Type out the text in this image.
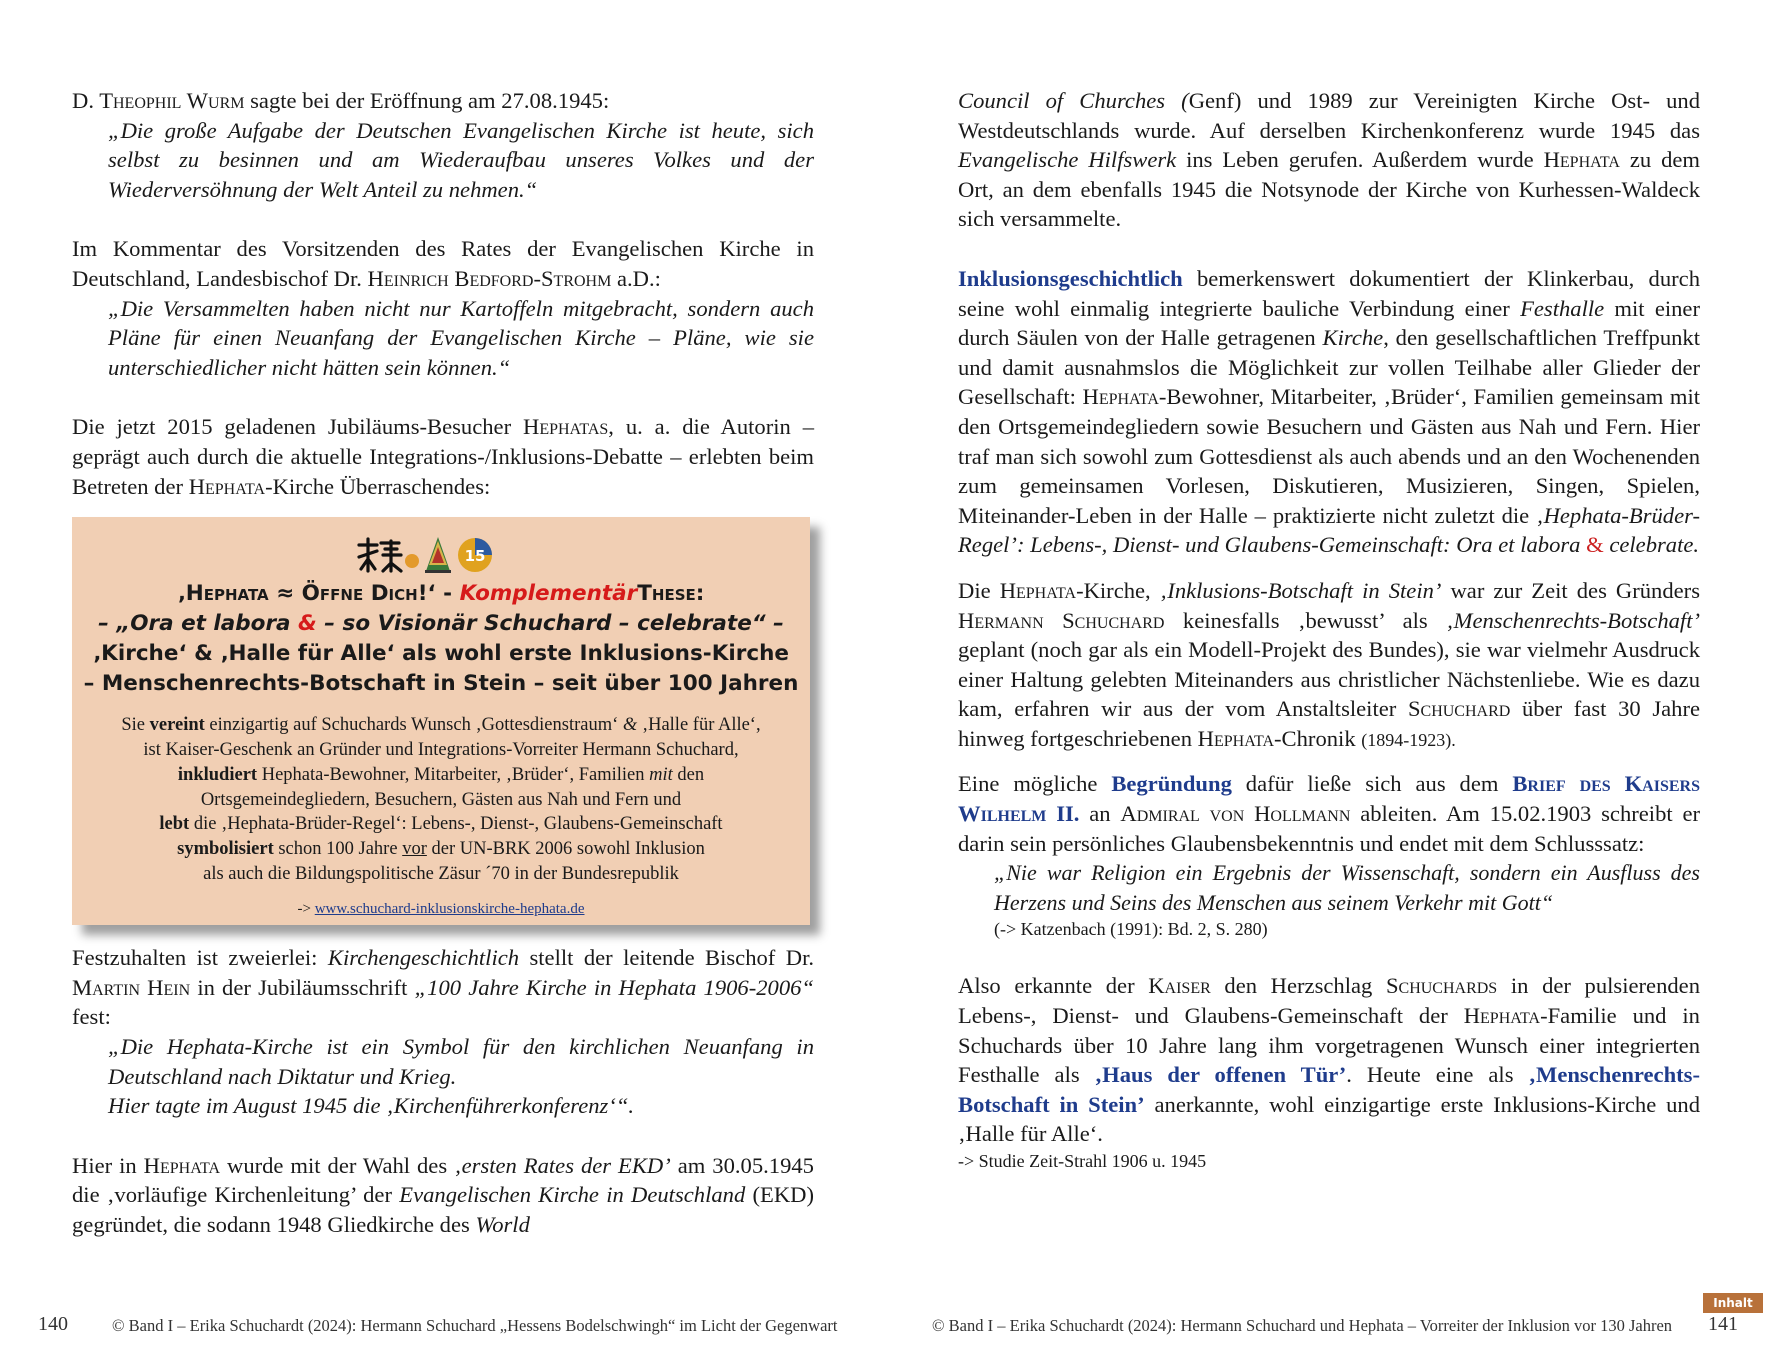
D. Theophil Wurm sagte bei der Eröffnung am 27.08.1945:

„Die große Aufgabe der Deutschen Evangelischen Kirche ist heute, sich selbst zu besinnen und am Wiederaufbau unseres Volkes und der Wiederversöhnung der Welt Anteil zu nehmen.“

Im Kommentar des Vorsitzenden des Rates der Evangelischen Kirche in Deutschland, Landesbischof Dr. Heinrich Bedford-Strohm a.D.:

„Die Versammelten haben nicht nur Kartoffeln mitgebracht, sondern auch Pläne für einen Neuanfang der Evangelischen Kirche – Pläne, wie sie unterschiedlicher nicht hätten sein können.“

Die jetzt 2015 geladenen Jubiläums-Besucher Hephatas, u. a. die Autorin – geprägt auch durch die aktuelle Integrations-/Inklusions-Debatte – erlebten beim Betreten der Hephata-Kirche Überraschendes:

15
‚Hephata ≈ Öffne Dich!‘ - KomplementärThese:
– „Ora et labora & – so Visionär Schuchard – celebrate“ –
‚Kirche‘ & ‚Halle für Alle‘ als wohl erste Inklusions-Kirche
– Menschenrechts-Botschaft in Stein – seit über 100 Jahren
Sie vereint einzigartig auf Schuchards Wunsch ‚Gottesdienstraum‘ & ‚Halle für Alle‘,
ist Kaiser-Geschenk an Gründer und Integrations-Vorreiter Hermann Schuchard,
inkludiert Hephata-Bewohner, Mitarbeiter, ‚Brüder‘, Familien mit den
Ortsgemeindegliedern, Besuchern, Gästen aus Nah und Fern und
lebt die ‚Hephata-Brüder-Regel‘: Lebens-, Dienst-, Glaubens-Gemeinschaft
symbolisiert schon 100 Jahre vor der UN-BRK 2006 sowohl Inklusion
als auch die Bildungspolitische Zäsur ´70 in der Bundesrepublik
-> www.schuchard-inklusionskirche-hephata.de

Festzuhalten ist zweierlei: Kirchengeschichtlich stellt der leitende Bischof Dr. Martin Hein in der Jubiläumsschrift „100 Jahre Kirche in Hephata 1906-2006“ fest:

„Die Hephata-Kirche ist ein Symbol für den kirchlichen Neuanfang in Deutschland nach Diktatur und Krieg.

Hier tagte im August 1945 die ‚Kirchenführerkonferenz‘“.

Hier in Hephata wurde mit der Wahl des ‚ersten Rates der EKD’ am 30.05.1945 die ‚vorläufige Kirchenleitung’ der Evangelischen Kirche in Deutschland (EKD) gegründet, die sodann 1948 Gliedkirche des World

Council of Churches (Genf) und 1989 zur Vereinigten Kirche Ost- und Westdeutschlands wurde. Auf derselben Kirchenkonferenz wurde 1945 das Evangelische Hilfswerk ins Leben gerufen. Außerdem wurde Hephata zu dem Ort, an dem ebenfalls 1945 die Notsynode der Kirche von Kurhessen-Waldeck sich versammelte.

Inklusionsgeschichtlich bemerkenswert dokumentiert der Klinkerbau, durch seine wohl einmalig integrierte bauliche Verbindung einer Festhalle mit einer durch Säulen von der Halle getragenen Kirche, den gesellschaftlichen Treffpunkt und damit ausnahmslos die Möglichkeit zur vollen Teilhabe aller Glieder der Gesellschaft: Hephata-Bewohner, Mitarbeiter, ‚Brüder‘, Familien gemeinsam mit den Ortsgemeindegliedern sowie Besuchern und Gästen aus Nah und Fern. Hier traf man sich sowohl zum Gottesdienst als auch abends und an den Wochenenden zum gemeinsamen Vorlesen, Diskutieren, Musizieren, Singen, Spielen, Miteinander-Leben in der Halle – praktizierte nicht zuletzt die ‚Hephata-Brüder-Regel’: Lebens-, Dienst- und Glaubens-Gemeinschaft: Ora et labora & celebrate.

Die Hephata-Kirche, ‚Inklusions-Botschaft in Stein’ war zur Zeit des Gründers Hermann Schuchard keinesfalls ‚bewusst’ als ‚Menschenrechts-Botschaft’ geplant (noch gar als ein Modell-Projekt des Bundes), sie war vielmehr Ausdruck einer Haltung gelebten Miteinanders aus christlicher Nächstenliebe. Wie es dazu kam, erfahren wir aus der vom Anstaltsleiter Schuchard über fast 30 Jahre hinweg fortgeschriebenen Hephata-Chronik (1894-1923).

Eine mögliche Begründung dafür ließe sich aus dem Brief des Kaisers Wilhelm II. an Admiral von Hollmann ableiten. Am 15.02.1903 schreibt er darin sein persönliches Glaubensbekenntnis und endet mit dem Schlusssatz:

„Nie war Religion ein Ergebnis der Wissenschaft, sondern ein Ausfluss des Herzens und Seins des Menschen aus seinem Verkehr mit Gott“

(-> Katzenbach (1991): Bd. 2, S. 280)

Also erkannte der Kaiser den Herzschlag Schuchards in der pulsierenden Lebens-, Dienst- und Glaubens-Gemeinschaft der Hephata-Familie und in Schuchards über 10 Jahre lang ihm vorgetragenen Wunsch einer integrierten Festhalle als ‚Haus der offenen Tür’. Heute eine als ‚Menschenrechts-Botschaft in Stein’ anerkannte, wohl einzigartige erste Inklusions-Kirche und ‚Halle für Alle‘.

-> Studie Zeit-Strahl 1906 u. 1945

140	© Band I – Erika Schuchardt (2024): Hermann Schuchard „Hessens Bodelschwingh“ im Licht der Gegenwart	© Band I – Erika Schuchardt (2024): Hermann Schuchard und Hephata – Vorreiter der Inklusion vor 130 Jahren 141
Inhalt
